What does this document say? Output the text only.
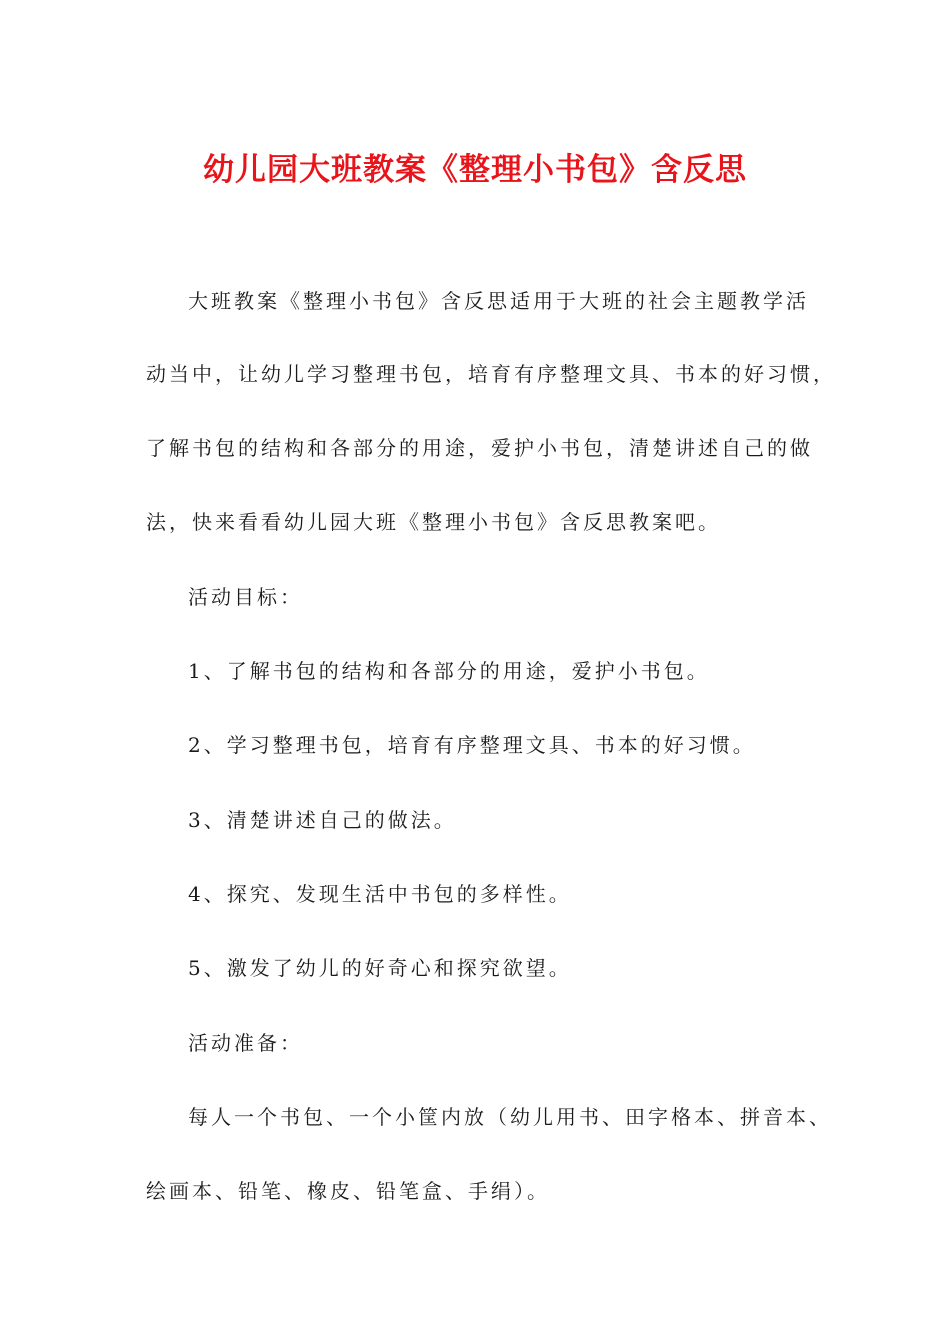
幼儿园大班教案《整理小书包》含反思
大班教案《整理小书包》含反思适用于大班的社会主题教学活
动当中，让幼儿学习整理书包，培育有序整理文具、书本的好习惯，
了解书包的结构和各部分的用途，爱护小书包，清楚讲述自己的做
法，快来看看幼儿园大班《整理小书包》含反思教案吧。
活动目标：
1、了解书包的结构和各部分的用途，爱护小书包。
2、学习整理书包，培育有序整理文具、书本的好习惯。
3、清楚讲述自己的做法。
4、探究、发现生活中书包的多样性。
5、激发了幼儿的好奇心和探究欲望。
活动准备：
每人一个书包、一个小筐内放（幼儿用书、田字格本、拼音本、
绘画本、铅笔、橡皮、铅笔盒、手绢）。
